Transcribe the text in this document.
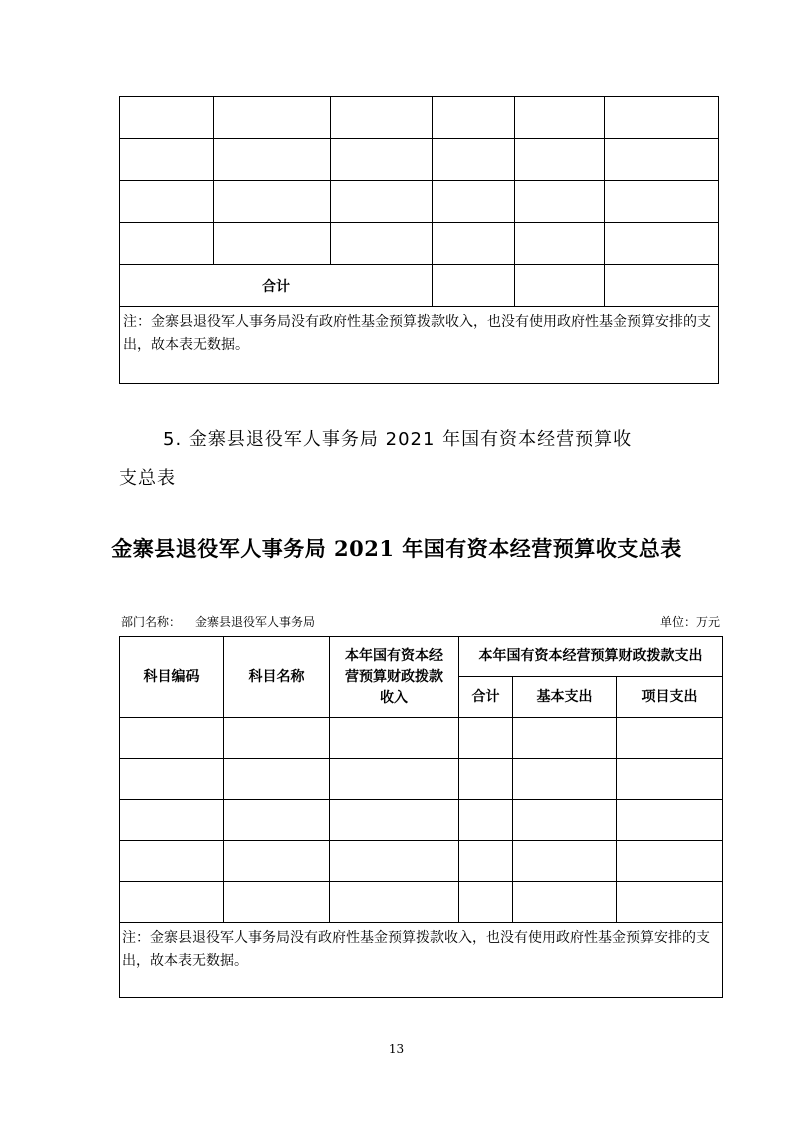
合计					
注：金寨县退役军人事务局没有政府性基金预算拨款收入，也没有使用政府性基金预算安排的支出，故本表无数据。					
5. 金寨县退役军人事务局 2021 年国有资本经营预算收
支总表
金寨县退役军人事务局 2021 年国有资本经营预算收支总表
部门名称： 金寨县退役军人事务局	单位：万元
科目编码	科目名称	本年国有资本经营预算财政拨款收入	本年国有资本经营预算财政拨款支出		
			合计	基本支出	项目支出

注：金寨县退役军人事务局没有政府性基金预算拨款收入，也没有使用政府性基金预算安排的支出，故本表无数据。					
13
